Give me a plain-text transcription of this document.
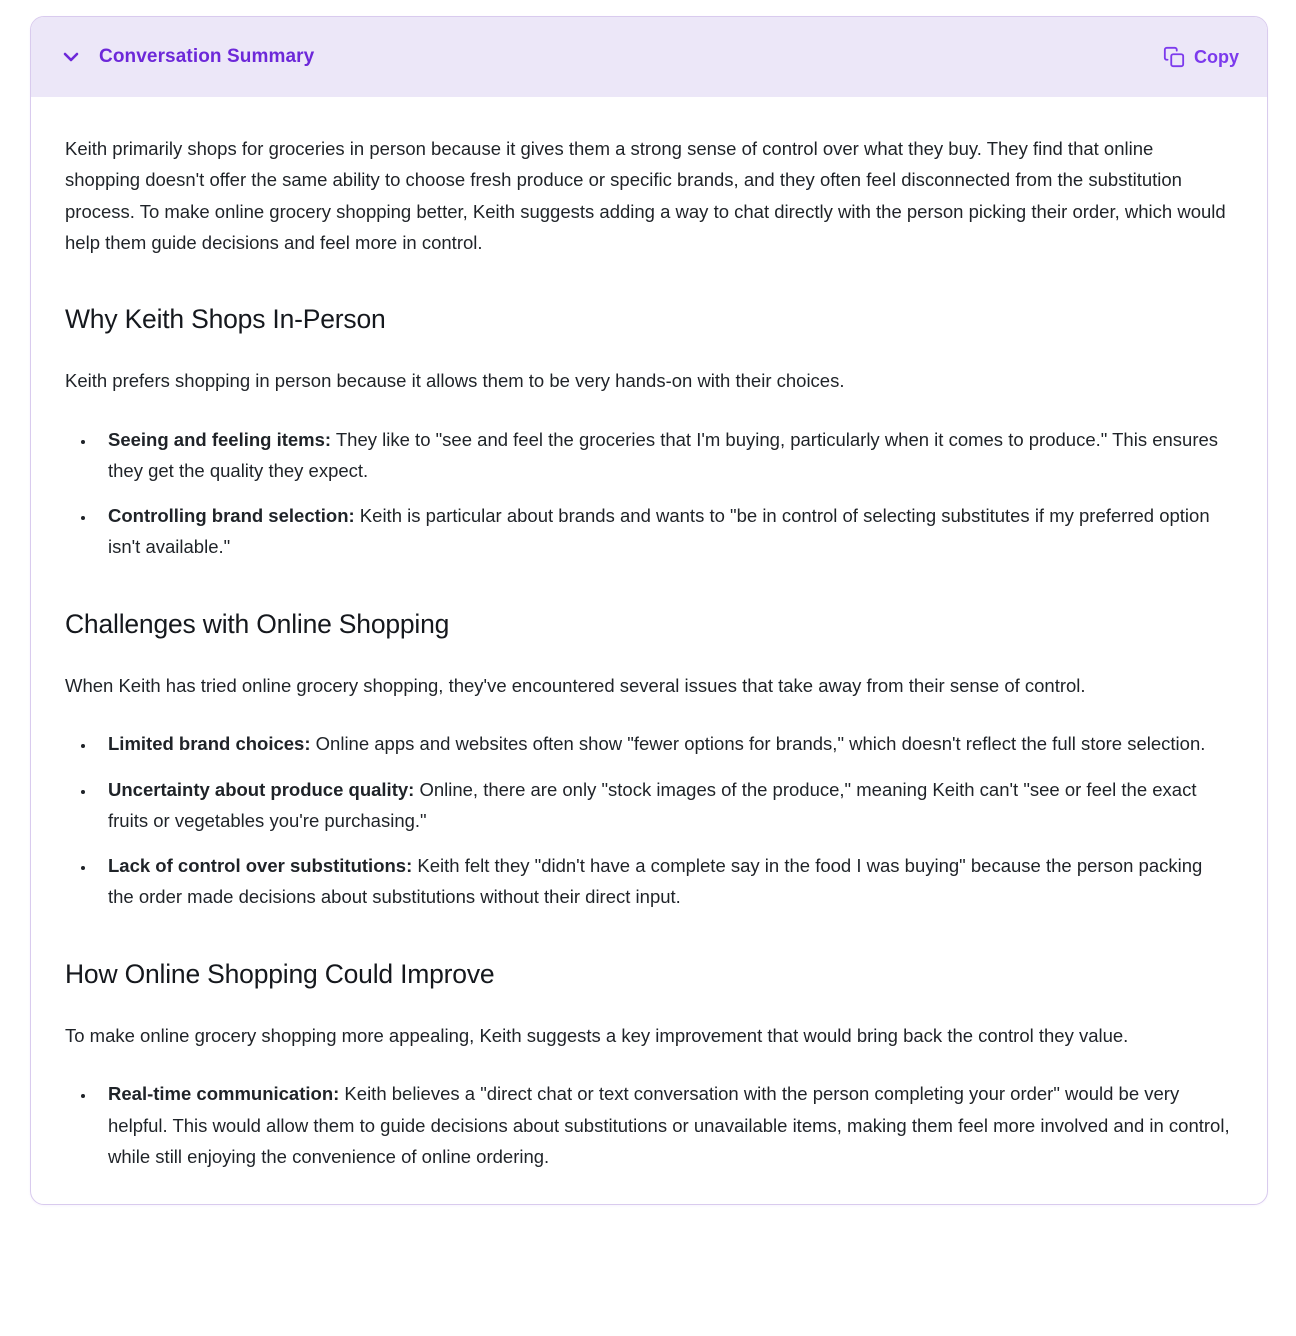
Conversation Summary	Copy

Keith primarily shops for groceries in person because it gives them a strong sense of control over what they buy. They find that online shopping doesn't offer the same ability to choose fresh produce or specific brands, and they often feel disconnected from the substitution process. To make online grocery shopping better, Keith suggests adding a way to chat directly with the person picking their order, which would help them guide decisions and feel more in control.

Why Keith Shops In-Person

Keith prefers shopping in person because it allows them to be very hands-on with their choices.

• Seeing and feeling items: They like to "see and feel the groceries that I'm buying, particularly when it comes to produce." This ensures they get the quality they expect.
• Controlling brand selection: Keith is particular about brands and wants to "be in control of selecting substitutes if my preferred option isn't available."
Challenges with Online Shopping

When Keith has tried online grocery shopping, they've encountered several issues that take away from their sense of control.

• Limited brand choices: Online apps and websites often show "fewer options for brands," which doesn't reflect the full store selection.
• Uncertainty about produce quality: Online, there are only "stock images of the produce," meaning Keith can't "see or feel the exact fruits or vegetables you're purchasing."
• Lack of control over substitutions: Keith felt they "didn't have a complete say in the food I was buying" because the person packing the order made decisions about substitutions without their direct input.
How Online Shopping Could Improve

To make online grocery shopping more appealing, Keith suggests a key improvement that would bring back the control they value.

• Real-time communication: Keith believes a "direct chat or text conversation with the person completing your order" would be very helpful. This would allow them to guide decisions about substitutions or unavailable items, making them feel more involved and in control, while still enjoying the convenience of online ordering.
